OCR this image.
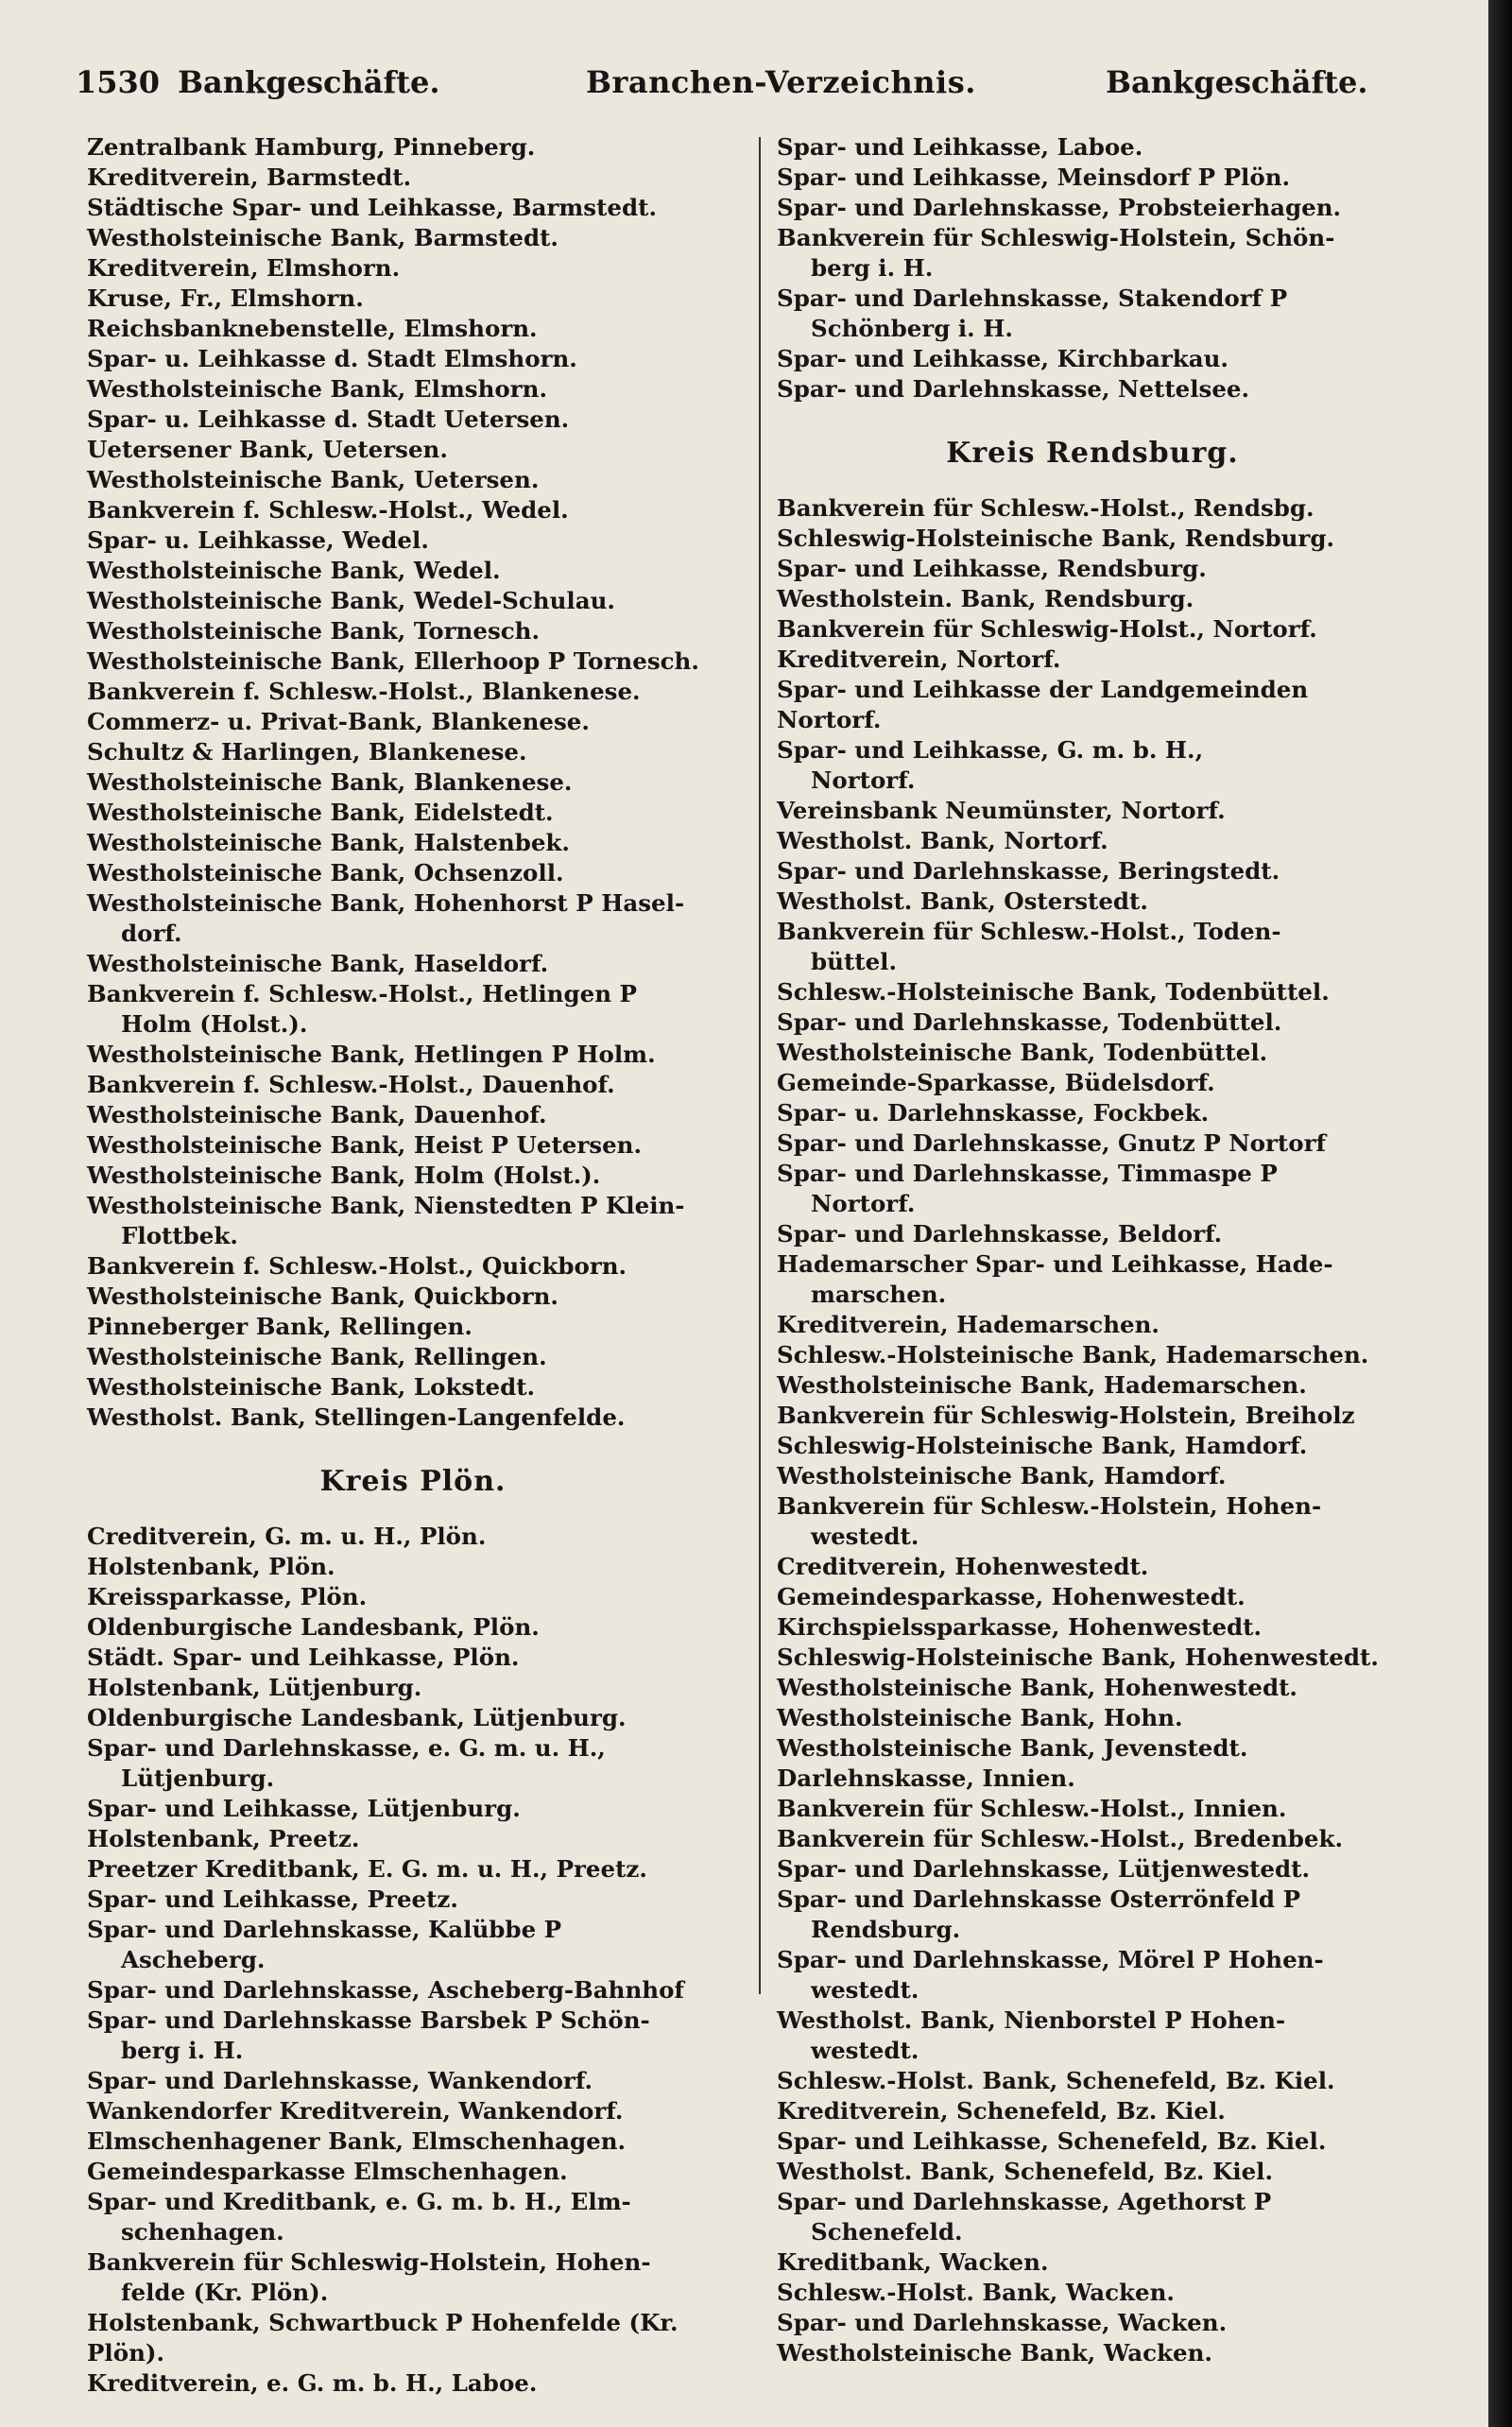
1530 Bankgeschäfte.	Branchen-Verzeichnis.	Bankgeschäfte.
Zentralbank Hamburg, Pinneberg.
Kreditverein, Barmstedt.
Städtische Spar- und Leihkasse, Barmstedt.
Westholsteinische Bank, Barmstedt.
Kreditverein, Elmshorn.
Kruse, Fr., Elmshorn.
Reichsbanknebenstelle, Elmshorn.
Spar- u. Leihkasse d. Stadt Elmshorn.
Westholsteinische Bank, Elmshorn.
Spar- u. Leihkasse d. Stadt Uetersen.
Uetersener Bank, Uetersen.
Westholsteinische Bank, Uetersen.
Bankverein f. Schlesw.-Holst., Wedel.
Spar- u. Leihkasse, Wedel.
Westholsteinische Bank, Wedel.
Westholsteinische Bank, Wedel-Schulau.
Westholsteinische Bank, Tornesch.
Westholsteinische Bank, Ellerhoop P Tornesch.
Bankverein f. Schlesw.-Holst., Blankenese.
Commerz- u. Privat-Bank, Blankenese.
Schultz & Harlingen, Blankenese.
Westholsteinische Bank, Blankenese.
Westholsteinische Bank, Eidelstedt.
Westholsteinische Bank, Halstenbek.
Westholsteinische Bank, Ochsenzoll.
Westholsteinische Bank, Hohenhorst P Hasel-
dorf.
Westholsteinische Bank, Haseldorf.
Bankverein f. Schlesw.-Holst., Hetlingen P
Holm (Holst.).
Westholsteinische Bank, Hetlingen P Holm.
Bankverein f. Schlesw.-Holst., Dauenhof.
Westholsteinische Bank, Dauenhof.
Westholsteinische Bank, Heist P Uetersen.
Westholsteinische Bank, Holm (Holst.).
Westholsteinische Bank, Nienstedten P Klein-
Flottbek.
Bankverein f. Schlesw.-Holst., Quickborn.
Westholsteinische Bank, Quickborn.
Pinneberger Bank, Rellingen.
Westholsteinische Bank, Rellingen.
Westholsteinische Bank, Lokstedt.
Westholst. Bank, Stellingen-Langenfelde.
Kreis Plön.
Creditverein, G. m. u. H., Plön.
Holstenbank, Plön.
Kreissparkasse, Plön.
Oldenburgische Landesbank, Plön.
Städt. Spar- und Leihkasse, Plön.
Holstenbank, Lütjenburg.
Oldenburgische Landesbank, Lütjenburg.
Spar- und Darlehnskasse, e. G. m. u. H.,
Lütjenburg.
Spar- und Leihkasse, Lütjenburg.
Holstenbank, Preetz.
Preetzer Kreditbank, E. G. m. u. H., Preetz.
Spar- und Leihkasse, Preetz.
Spar- und Darlehnskasse, Kalübbe P
Ascheberg.
Spar- und Darlehnskasse, Ascheberg-Bahnhof
Spar- und Darlehnskasse Barsbek P Schön-
berg i. H.
Spar- und Darlehnskasse, Wankendorf.
Wankendorfer Kreditverein, Wankendorf.
Elmschenhagener Bank, Elmschenhagen.
Gemeindesparkasse Elmschenhagen.
Spar- und Kreditbank, e. G. m. b. H., Elm-
schenhagen.
Bankverein für Schleswig-Holstein, Hohen-
felde (Kr. Plön).
Holstenbank, Schwartbuck P Hohenfelde (Kr.
Plön).
Kreditverein, e. G. m. b. H., Laboe.
Spar- und Leihkasse, Laboe.
Spar- und Leihkasse, Meinsdorf P Plön.
Spar- und Darlehnskasse, Probsteierhagen.
Bankverein für Schleswig-Holstein, Schön-
berg i. H.
Spar- und Darlehnskasse, Stakendorf P
Schönberg i. H.
Spar- und Leihkasse, Kirchbarkau.
Spar- und Darlehnskasse, Nettelsee.
Kreis Rendsburg.
Bankverein für Schlesw.-Holst., Rendsbg.
Schleswig-Holsteinische Bank, Rendsburg.
Spar- und Leihkasse, Rendsburg.
Westholstein. Bank, Rendsburg.
Bankverein für Schleswig-Holst., Nortorf.
Kreditverein, Nortorf.
Spar- und Leihkasse der Landgemeinden
Nortorf.
Spar- und Leihkasse, G. m. b. H.,
Nortorf.
Vereinsbank Neumünster, Nortorf.
Westholst. Bank, Nortorf.
Spar- und Darlehnskasse, Beringstedt.
Westholst. Bank, Osterstedt.
Bankverein für Schlesw.-Holst., Toden-
büttel.
Schlesw.-Holsteinische Bank, Todenbüttel.
Spar- und Darlehnskasse, Todenbüttel.
Westholsteinische Bank, Todenbüttel.
Gemeinde-Sparkasse, Büdelsdorf.
Spar- u. Darlehnskasse, Fockbek.
Spar- und Darlehnskasse, Gnutz P Nortorf
Spar- und Darlehnskasse, Timmaspe P
Nortorf.
Spar- und Darlehnskasse, Beldorf.
Hademarscher Spar- und Leihkasse, Hade-
marschen.
Kreditverein, Hademarschen.
Schlesw.-Holsteinische Bank, Hademarschen.
Westholsteinische Bank, Hademarschen.
Bankverein für Schleswig-Holstein, Breiholz
Schleswig-Holsteinische Bank, Hamdorf.
Westholsteinische Bank, Hamdorf.
Bankverein für Schlesw.-Holstein, Hohen-
westedt.
Creditverein, Hohenwestedt.
Gemeindesparkasse, Hohenwestedt.
Kirchspielssparkasse, Hohenwestedt.
Schleswig-Holsteinische Bank, Hohenwestedt.
Westholsteinische Bank, Hohenwestedt.
Westholsteinische Bank, Hohn.
Westholsteinische Bank, Jevenstedt.
Darlehnskasse, Innien.
Bankverein für Schlesw.-Holst., Innien.
Bankverein für Schlesw.-Holst., Bredenbek.
Spar- und Darlehnskasse, Lütjenwestedt.
Spar- und Darlehnskasse Osterrönfeld P
Rendsburg.
Spar- und Darlehnskasse, Mörel P Hohen-
westedt.
Westholst. Bank, Nienborstel P Hohen-
westedt.
Schlesw.-Holst. Bank, Schenefeld, Bz. Kiel.
Kreditverein, Schenefeld, Bz. Kiel.
Spar- und Leihkasse, Schenefeld, Bz. Kiel.
Westholst. Bank, Schenefeld, Bz. Kiel.
Spar- und Darlehnskasse, Agethorst P
Schenefeld.
Kreditbank, Wacken.
Schlesw.-Holst. Bank, Wacken.
Spar- und Darlehnskasse, Wacken.
Westholsteinische Bank, Wacken.
